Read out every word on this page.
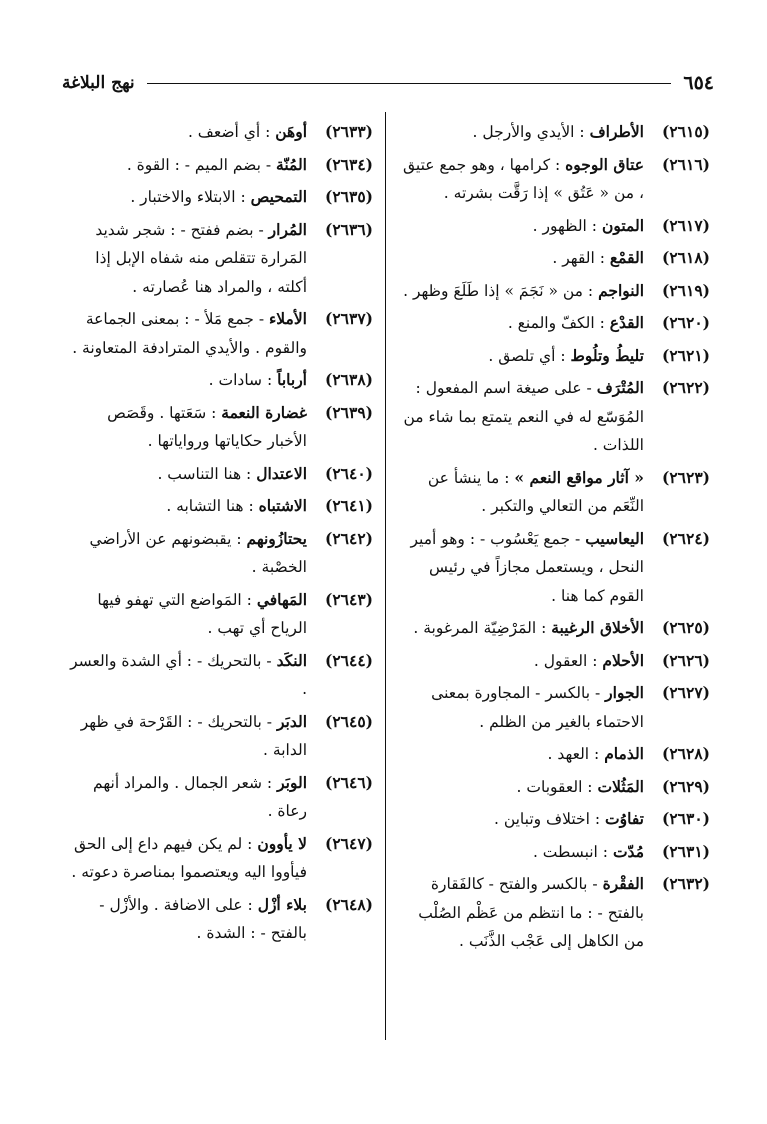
٦٥٤
نهج البلاغة
(٢٦١٥)
الأطراف : الأيدي والأرجل .
(٢٦١٦)
عتاق الوجوه : كرامها ، وهو جمع عتيق ، من « عَتُق » إذا رَقَّت بشرته .
(٢٦١٧)
المتون : الظهور .
(٢٦١٨)
القمْع : القهر .
(٢٦١٩)
النواجم : من « نَجَمَ » إذا طَلَعَ وظهر .
(٢٦٢٠)
القدْع : الكفّ والمنع .
(٢٦٢١)
تليطُ وتلُوط : أي تلصق .
(٢٦٢٢)
المُتْرَف - على صيغة اسم المفعول : المُوَسّع له في النعم يتمتع بما شاء من اللذات .
(٢٦٢٣)
« آثار مواقع النعم » : ما ينشأ عن النِّعَم من التعالي والتكبر .
(٢٦٢٤)
اليعاسيب - جمع يَعْسُوب - : وهو أمير النحل ، ويستعمل مجازاً في رئيس القوم كما هنا .
(٢٦٢٥)
الأخلاق الرغيبة : المَرْضِيّة المرغوبة .
(٢٦٢٦)
الأحلام : العقول .
(٢٦٢٧)
الجوار - بالكسر - المجاورة بمعنى الاحتماء بالغير من الظلم .
(٢٦٢٨)
الذمام : العهد .
(٢٦٢٩)
المَثُلات : العقوبات .
(٢٦٣٠)
تفاوُت : اختلاف وتباين .
(٢٦٣١)
مُدّت : انبسطت .
(٢٦٣٢)
الفقْرة - بالكسر والفتح - كالفَقارة بالفتح - : ما انتظم من عَظْم الصُلْب من الكاهل إلى عَجْب الذَّنَب .
(٢٦٣٣)
أوهَن : أي أضعف .
(٢٦٣٤)
المُنّة - بضم الميم - : القوة .
(٢٦٣٥)
التمحيص : الابتلاء والاختبار .
(٢٦٣٦)
المُرار - بضم ففتح - : شجر شديد المَرارة تتقلص منه شفاه الإبل إذا أكلته ، والمراد هنا عُصارته .
(٢٦٣٧)
الأملاء - جمع مَلأ - : بمعنى الجماعة والقوم . والأيدي المترادفة المتعاونة .
(٢٦٣٨)
أرباباً : سادات .
(٢٦٣٩)
غضارة النعمة : سَعَتها . وقَصَص الأخبار حكاياتها ورواياتها .
(٢٦٤٠)
الاعتدال : هنا التناسب .
(٢٦٤١)
الاشتباه : هنا التشابه .
(٢٦٤٢)
يحتازُونهم : يقبضونهم عن الأراضي الخصْبة .
(٢٦٤٣)
المَهافي : المَواضع التي تهفو فيها الرياح أي تهب .
(٢٦٤٤)
النكَد - بالتحريك - : أي الشدة والعسر .
(٢٦٤٥)
الدبَر - بالتحريك - : القَرْحة في ظهر الدابة .
(٢٦٤٦)
الوبَر : شعر الجمال . والمراد أنهم رعاة .
(٢٦٤٧)
لا يأوون : لم يكن فيهم داع إلى الحق فيأووا اليه ويعتصموا بمناصرة دعوته .
(٢٦٤٨)
بلاء أزْل : على الاضافة . والأزْل - بالفتح - : الشدة .
